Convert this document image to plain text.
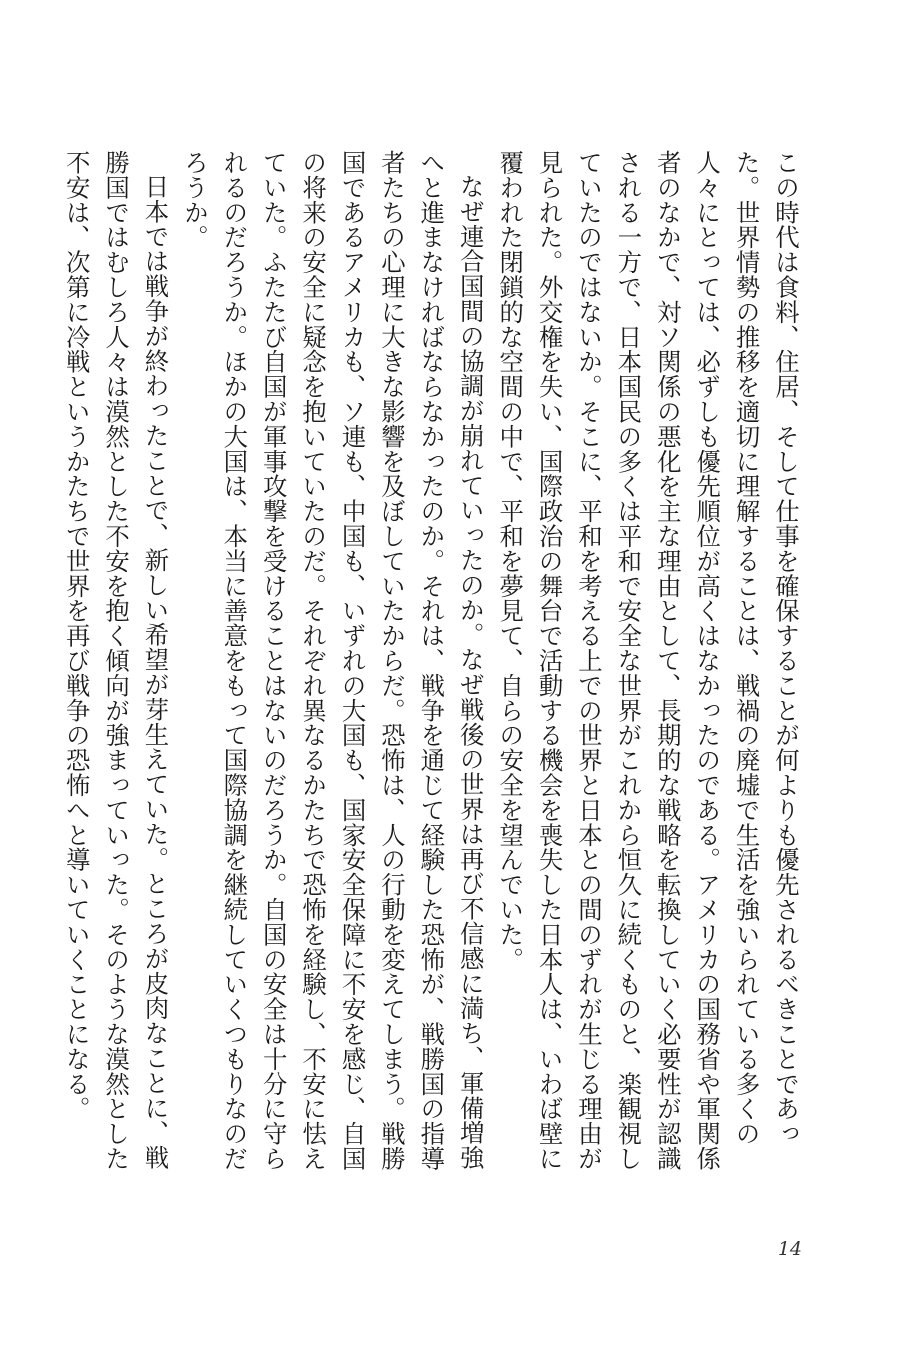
この時代は食料、住居、そして仕事を確保することが何よりも優先されるべきことであった。世界情勢の推移を適切に理解することは、戦禍の廃墟で生活を強いられている多くの人々にとっては、必ずしも優先順位が高くはなかったのである。アメリカの国務省や軍関係者のなかで、対ソ関係の悪化を主な理由として、長期的な戦略を転換していく必要性が認識される一方で、日本国民の多くは平和で安全な世界がこれから恒久に続くものと、楽観視していたのではないか。そこに、平和を考える上での世界と日本との間のずれが生じる理由が見られた。外交権を失い、国際政治の舞台で活動する機会を喪失した日本人は、いわば壁に覆われた閉鎖的な空間の中で、平和を夢見て、自らの安全を望んでいた。

なぜ連合国間の協調が崩れていったのか。なぜ戦後の世界は再び不信感に満ち、軍備増強へと進まなければならなかったのか。それは、戦争を通じて経験した恐怖が、戦勝国の指導者たちの心理に大きな影響を及ぼしていたからだ。恐怖は、人の行動を変えてしまう。戦勝国であるアメリカも、ソ連も、中国も、いずれの大国も、国家安全保障に不安を感じ、自国の将来の安全に疑念を抱いていたのだ。それぞれ異なるかたちで恐怖を経験し、不安に怯えていた。ふたたび自国が軍事攻撃を受けることはないのだろうか。自国の安全は十分に守られるのだろうか。ほかの大国は、本当に善意をもって国際協調を継続していくつもりなのだろうか。

日本では戦争が終わったことで、新しい希望が芽生えていた。ところが皮肉なことに、戦勝国ではむしろ人々は漠然とした不安を抱く傾向が強まっていった。そのような漠然とした不安は、次第に冷戦というかたちで世界を再び戦争の恐怖へと導いていくことになる。

14
